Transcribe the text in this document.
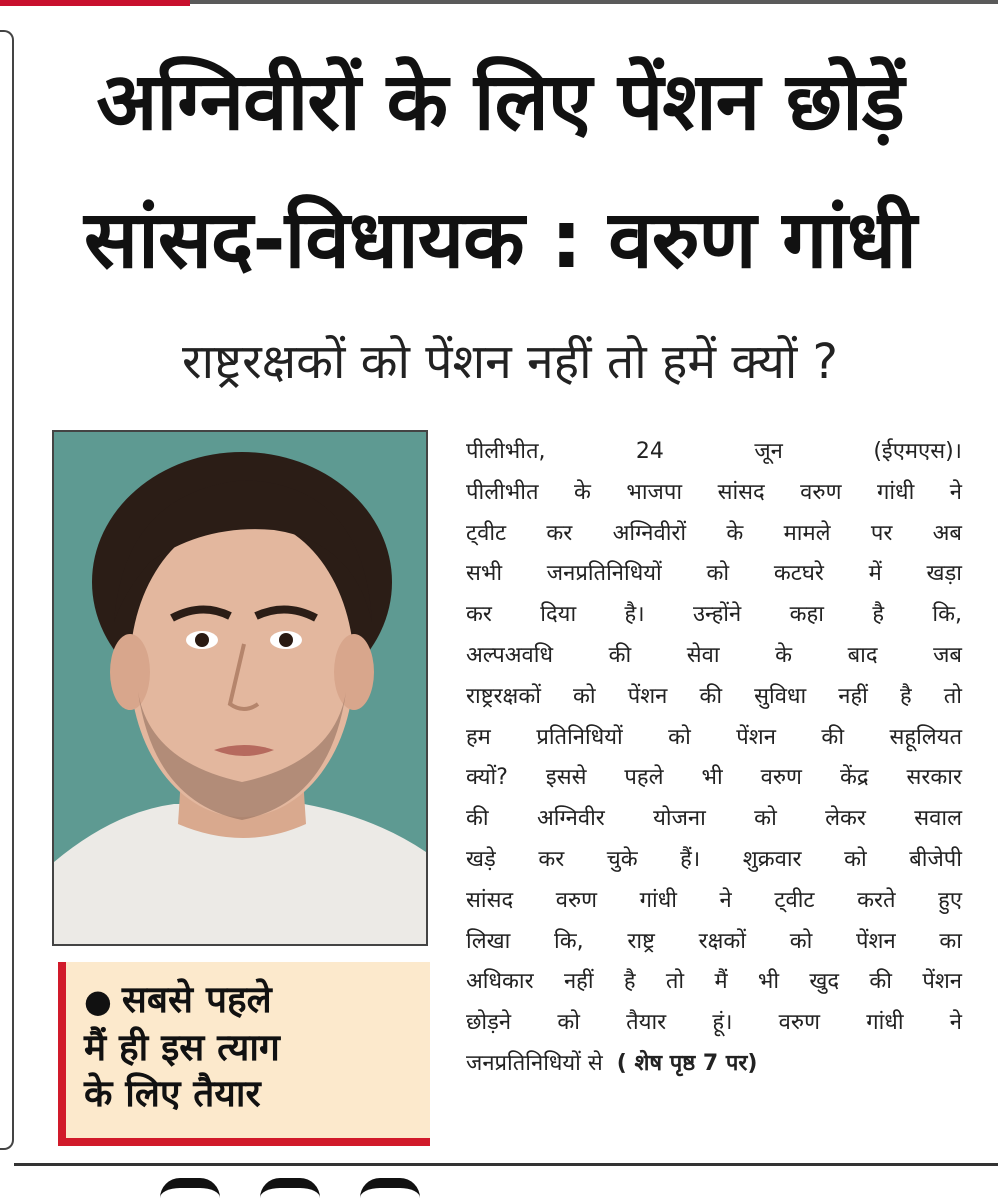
अग्निवीरों के लिए पेंशन छोड़ें
सांसद-विधायक : वरुण गांधी
राष्ट्ररक्षकों को पेंशन नहीं तो हमें क्यों ?
● सबसे पहले
मैं ही इस त्याग
के लिए तैयार
पीलीभीत, 24 जून (ईएमएस)।
पीलीभीत के भाजपा सांसद वरुण गांधी ने
ट्वीट कर अग्निवीरों के मामले पर अब
सभी जनप्रतिनिधियों को कटघरे में खड़ा
कर दिया है। उन्होंने कहा है कि,
अल्पअवधि की सेवा के बाद जब
राष्ट्ररक्षकों को पेंशन की सुविधा नहीं है तो
हम प्रतिनिधियों को पेंशन की सहूलियत
क्यों? इससे पहले भी वरुण केंद्र सरकार
की अग्निवीर योजना को लेकर सवाल
खड़े कर चुके हैं। शुक्रवार को बीजेपी
सांसद वरुण गांधी ने ट्वीट करते हुए
लिखा कि, राष्ट्र रक्षकों को पेंशन का
अधिकार नहीं है तो मैं भी खुद की पेंशन
छोड़ने को तैयार हूं। वरुण गांधी ने
जनप्रतिनिधियों से ( शेष पृष्ठ 7 पर)
